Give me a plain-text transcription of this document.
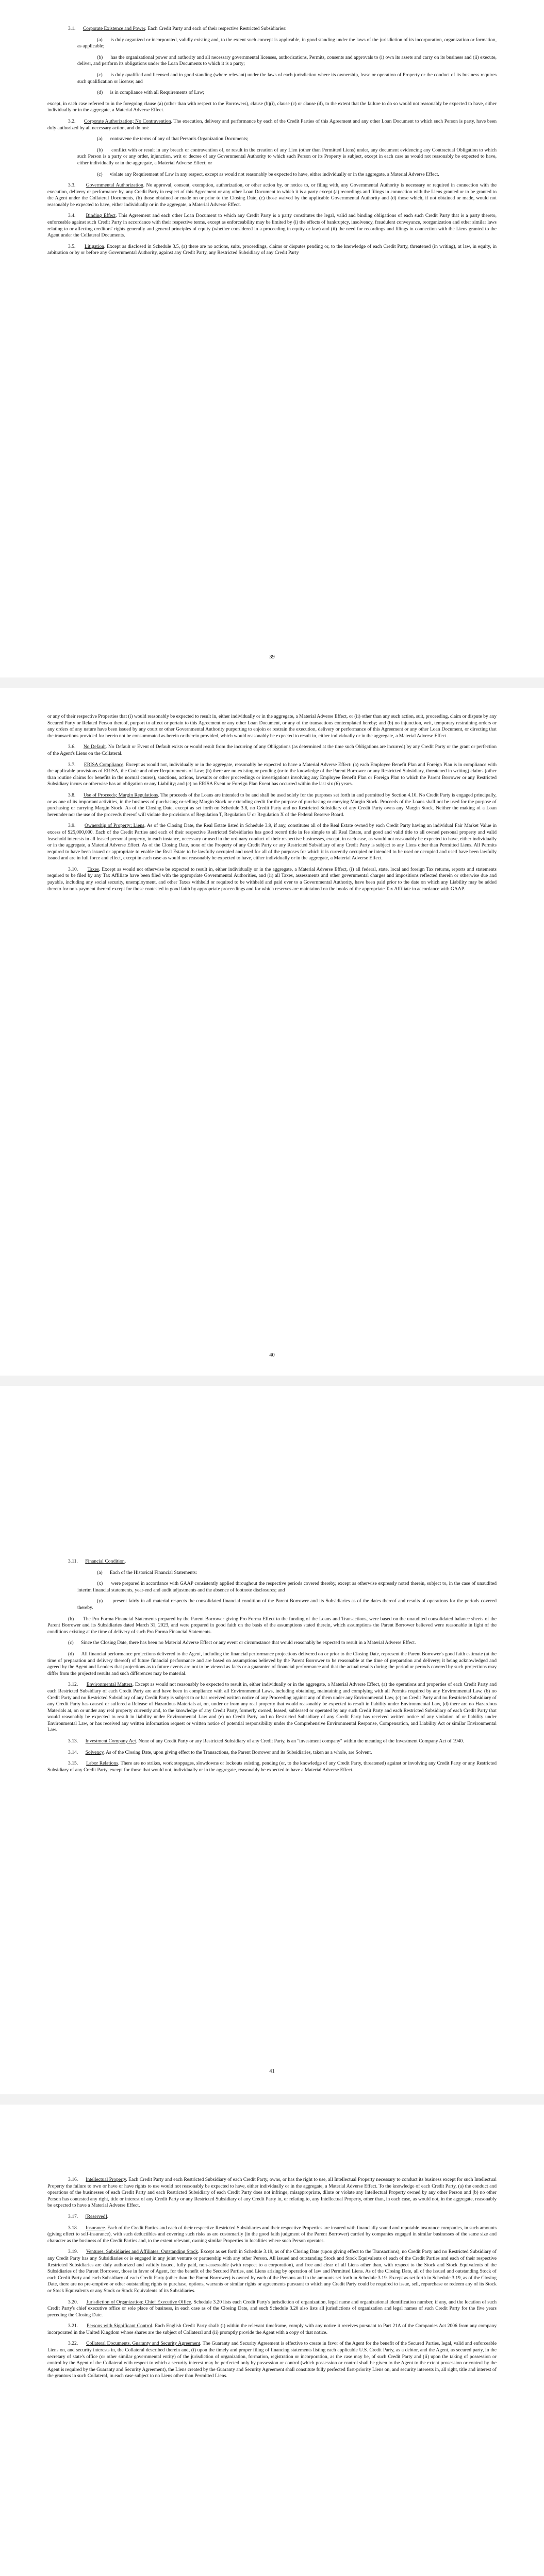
3.1. Corporate Existence and Power. Each Credit Party and each of their respective Restricted Subsidiaries:

(a) is duly organized or incorporated, validly existing and, to the extent such concept is applicable, in good standing under the laws of the jurisdiction of its incorporation, organization or formation, as applicable;

(b) has the organizational power and authority and all necessary governmental licenses, authorizations, Permits, consents and approvals to (i) own its assets and carry on its business and (ii) execute, deliver, and perform its obligations under the Loan Documents to which it is a party;

(c) is duly qualified and licensed and in good standing (where relevant) under the laws of each jurisdiction where its ownership, lease or operation of Property or the conduct of its business requires such qualification or license; and

(d) is in compliance with all Requirements of Law;

except, in each case referred to in the foregoing clause (a) (other than with respect to the Borrowers), clause (b)(i), clause (c) or clause (d), to the extent that the failure to do so would not reasonably be expected to have, either individually or in the aggregate, a Material Adverse Effect.

3.2. Corporate Authorization; No Contravention. The execution, delivery and performance by each of the Credit Parties of this Agreement and any other Loan Document to which such Person is party, have been duly authorized by all necessary action, and do not:

(a) contravene the terms of any of that Person's Organization Documents;

(b) conflict with or result in any breach or contravention of, or result in the creation of any Lien (other than Permitted Liens) under, any document evidencing any Contractual Obligation to which such Person is a party or any order, injunction, writ or decree of any Governmental Authority to which such Person or its Property is subject, except in each case as would not reasonably be expected to have, either individually or in the aggregate, a Material Adverse Effect; or

(c) violate any Requirement of Law in any respect, except as would not reasonably be expected to have, either individually or in the aggregate, a Material Adverse Effect.

3.3. Governmental Authorization. No approval, consent, exemption, authorization, or other action by, or notice to, or filing with, any Governmental Authority is necessary or required in connection with the execution, delivery or performance by, any Credit Party in respect of this Agreement or any other Loan Document to which it is a party except (a) recordings and filings in connection with the Liens granted or to be granted to the Agent under the Collateral Documents, (b) those obtained or made on or prior to the Closing Date, (c) those waived by the applicable Governmental Authority and (d) those which, if not obtained or made, would not reasonably be expected to have, either individually or in the aggregate, a Material Adverse Effect.

3.4. Binding Effect. This Agreement and each other Loan Document to which any Credit Party is a party constitutes the legal, valid and binding obligations of each such Credit Party that is a party thereto, enforceable against such Credit Party in accordance with their respective terms, except as enforceability may be limited by (i) the effects of bankruptcy, insolvency, fraudulent conveyance, reorganization and other similar laws relating to or affecting creditors' rights generally and general principles of equity (whether considered in a proceeding in equity or law) and (ii) the need for recordings and filings in connection with the Liens granted to the Agent under the Collateral Documents.

3.5. Litigation. Except as disclosed in Schedule 3.5, (a) there are no actions, suits, proceedings, claims or disputes pending or, to the knowledge of each Credit Party, threatened (in writing), at law, in equity, in arbitration or by or before any Governmental Authority, against any Credit Party, any Restricted Subsidiary of any Credit Party

39

or any of their respective Properties that (i) would reasonably be expected to result in, either individually or in the aggregate, a Material Adverse Effect, or (ii) other than any such action, suit, proceeding, claim or dispute by any Secured Party or Related Person thereof, purport to affect or pertain to this Agreement or any other Loan Document, or any of the transactions contemplated hereby; and (b) no injunction, writ, temporary restraining orders or any orders of any nature have been issued by any court or other Governmental Authority purporting to enjoin or restrain the execution, delivery or performance of this Agreement or any other Loan Document, or directing that the transactions provided for herein not be consummated as herein or therein provided, which would reasonably be expected to result in, either individually or in the aggregate, a Material Adverse Effect.

3.6. No Default. No Default or Event of Default exists or would result from the incurring of any Obligations (as determined at the time such Obligations are incurred) by any Credit Party or the grant or perfection of the Agent's Liens on the Collateral.

3.7. ERISA Compliance. Except as would not, individually or in the aggregate, reasonably be expected to have a Material Adverse Effect: (a) each Employee Benefit Plan and Foreign Plan is in compliance with the applicable provisions of ERISA, the Code and other Requirements of Law; (b) there are no existing or pending (or to the knowledge of the Parent Borrower or any Restricted Subsidiary, threatened in writing) claims (other than routine claims for benefits in the normal course), sanctions, actions, lawsuits or other proceedings or investigations involving any Employee Benefit Plan or Foreign Plan to which the Parent Borrower or any Restricted Subsidiary incurs or otherwise has an obligation or any Liability; and (c) no ERISA Event or Foreign Plan Event has occurred within the last six (6) years.

3.8. Use of Proceeds; Margin Regulations. The proceeds of the Loans are intended to be and shall be used solely for the purposes set forth in and permitted by Section 4.10. No Credit Party is engaged principally, or as one of its important activities, in the business of purchasing or selling Margin Stock or extending credit for the purpose of purchasing or carrying Margin Stock. Proceeds of the Loans shall not be used for the purpose of purchasing or carrying Margin Stock. As of the Closing Date, except as set forth on Schedule 3.8, no Credit Party and no Restricted Subsidiary of any Credit Party owns any Margin Stock. Neither the making of a Loan hereunder nor the use of the proceeds thereof will violate the provisions of Regulation T, Regulation U or Regulation X of the Federal Reserve Board.

3.9. Ownership of Property; Liens. As of the Closing Date, the Real Estate listed in Schedule 3.9, if any, constitutes all of the Real Estate owned by each Credit Party having an individual Fair Market Value in excess of $25,000,000. Each of the Credit Parties and each of their respective Restricted Subsidiaries has good record title in fee simple to all Real Estate, and good and valid title to all owned personal property and valid leasehold interests in all leased personal property, in each instance, necessary or used in the ordinary conduct of their respective businesses, except, in each case, as would not reasonably be expected to have, either individually or in the aggregate, a Material Adverse Effect. As of the Closing Date, none of the Property of any Credit Party or any Restricted Subsidiary of any Credit Party is subject to any Liens other than Permitted Liens. All Permits required to have been issued or appropriate to enable the Real Estate to be lawfully occupied and used for all of the purposes for which it is currently occupied or intended to be used or occupied and used have been lawfully issued and are in full force and effect, except in each case as would not reasonably be expected to have, either individually or in the aggregate, a Material Adverse Effect.

3.10. Taxes. Except as would not otherwise be expected to result in, either individually or in the aggregate, a Material Adverse Effect, (i) all federal, state, local and foreign Tax returns, reports and statements required to be filed by any Tax Affiliate have been filed with the appropriate Governmental Authorities, and (ii) all Taxes, assessments and other governmental charges and impositions reflected therein or otherwise due and payable, including any social security, unemployment, and other Taxes withheld or required to be withheld and paid over to a Governmental Authority, have been paid prior to the date on which any Liability may be added thereto for non-payment thereof except for those contested in good faith by appropriate proceedings and for which reserves are maintained on the books of the appropriate Tax Affiliate in accordance with GAAP.

40

3.11. Financial Condition.

(a) Each of the Historical Financial Statements:

(x) were prepared in accordance with GAAP consistently applied throughout the respective periods covered thereby, except as otherwise expressly noted therein, subject to, in the case of unaudited interim financial statements, year-end and audit adjustments and the absence of footnote disclosures; and

(y) present fairly in all material respects the consolidated financial condition of the Parent Borrower and its Subsidiaries as of the dates thereof and results of operations for the periods covered thereby.

(b) The Pro Forma Financial Statements prepared by the Parent Borrower giving Pro Forma Effect to the funding of the Loans and Transactions, were based on the unaudited consolidated balance sheets of the Parent Borrower and its Subsidiaries dated March 31, 2023, and were prepared in good faith on the basis of the assumptions stated therein, which assumptions the Parent Borrower believed were reasonable in light of the conditions existing at the time of delivery of such Pro Forma Financial Statements.

(c) Since the Closing Date, there has been no Material Adverse Effect or any event or circumstance that would reasonably be expected to result in a Material Adverse Effect.

(d) All financial performance projections delivered to the Agent, including the financial performance projections delivered on or prior to the Closing Date, represent the Parent Borrower's good faith estimate (at the time of preparation and delivery thereof) of future financial performance and are based on assumptions believed by the Parent Borrower to be reasonable at the time of preparation and delivery; it being acknowledged and agreed by the Agent and Lenders that projections as to future events are not to be viewed as facts or a guarantee of financial performance and that the actual results during the period or periods covered by such projections may differ from the projected results and such differences may be material.

3.12. Environmental Matters. Except as would not reasonably be expected to result in, either individually or in the aggregate, a Material Adverse Effect, (a) the operations and properties of each Credit Party and each Restricted Subsidiary of each Credit Party are and have been in compliance with all Environmental Laws, including obtaining, maintaining and complying with all Permits required by any Environmental Law, (b) no Credit Party and no Restricted Subsidiary of any Credit Party is subject to or has received written notice of any Proceeding against any of them under any Environmental Law, (c) no Credit Party and no Restricted Subsidiary of any Credit Party has caused or suffered a Release of Hazardous Materials at, on, under or from any real property that would reasonably be expected to result in liability under Environmental Law, (d) there are no Hazardous Materials at, on or under any real property currently and, to the knowledge of any Credit Party, formerly owned, leased, subleased or operated by any such Credit Party and each Restricted Subsidiary of each Credit Party that would reasonably be expected to result in liability under Environmental Law and (e) no Credit Party and no Restricted Subsidiary of any Credit Party has received written notice of any violation of or liability under Environmental Law, or has received any written information request or written notice of potential responsibility under the Comprehensive Environmental Response, Compensation, and Liability Act or similar Environmental Law.

3.13. Investment Company Act. None of any Credit Party or any Restricted Subsidiary of any Credit Party, is an "investment company" within the meaning of the Investment Company Act of 1940.

3.14. Solvency. As of the Closing Date, upon giving effect to the Transactions, the Parent Borrower and its Subsidiaries, taken as a whole, are Solvent.

3.15. Labor Relations. There are no strikes, work stoppages, slowdowns or lockouts existing, pending (or, to the knowledge of any Credit Party, threatened) against or involving any Credit Party or any Restricted Subsidiary of any Credit Party, except for those that would not, individually or in the aggregate, reasonably be expected to have a Material Adverse Effect.

41

3.16. Intellectual Property. Each Credit Party and each Restricted Subsidiary of each Credit Party, owns, or has the right to use, all Intellectual Property necessary to conduct its business except for such Intellectual Property the failure to own or have or have rights to use would not reasonably be expected to have, either individually or in the aggregate, a Material Adverse Effect. To the knowledge of each Credit Party, (a) the conduct and operations of the businesses of each Credit Party and each Restricted Subsidiary of each Credit Party does not infringe, misappropriate, dilute or violate any Intellectual Property owned by any other Person and (b) no other Person has contested any right, title or interest of any Credit Party or any Restricted Subsidiary of any Credit Party in, or relating to, any Intellectual Property, other than, in each case, as would not, in the aggregate, reasonably be expected to have a Material Adverse Effect.

3.17. [Reserved].

3.18. Insurance. Each of the Credit Parties and each of their respective Restricted Subsidiaries and their respective Properties are insured with financially sound and reputable insurance companies, in such amounts (giving effect to self-insurance), with such deductibles and covering such risks as are customarily (in the good faith judgment of the Parent Borrower) carried by companies engaged in similar businesses of the same size and character as the business of the Credit Parties and, to the extent relevant, owning similar Properties in localities where such Person operates.

3.19. Ventures, Subsidiaries and Affiliates; Outstanding Stock. Except as set forth in Schedule 3.19, as of the Closing Date (upon giving effect to the Transactions), no Credit Party and no Restricted Subsidiary of any Credit Party has any Subsidiaries or is engaged in any joint venture or partnership with any other Person. All issued and outstanding Stock and Stock Equivalents of each of the Credit Parties and each of their respective Restricted Subsidiaries are duly authorized and validly issued, fully paid, non-assessable (with respect to a corporation), and free and clear of all Liens other than, with respect to the Stock and Stock Equivalents of the Subsidiaries of the Parent Borrower, those in favor of Agent, for the benefit of the Secured Parties, and Liens arising by operation of law and Permitted Liens. As of the Closing Date, all of the issued and outstanding Stock of each Credit Party and each Subsidiary of each Credit Party (other than the Parent Borrower) is owned by each of the Persons and in the amounts set forth in Schedule 3.19. Except as set forth in Schedule 3.19, as of the Closing Date, there are no pre-emptive or other outstanding rights to purchase, options, warrants or similar rights or agreements pursuant to which any Credit Party could be required to issue, sell, repurchase or redeem any of its Stock or Stock Equivalents or any Stock or Stock Equivalents of its Subsidiaries.

3.20. Jurisdiction of Organization; Chief Executive Office. Schedule 3.20 lists each Credit Party's jurisdiction of organization, legal name and organizational identification number, if any, and the location of such Credit Party's chief executive office or sole place of business, in each case as of the Closing Date, and such Schedule 3.20 also lists all jurisdictions of organization and legal names of such Credit Party for the five years preceding the Closing Date.

3.21. Persons with Significant Control. Each English Credit Party shall: (i) within the relevant timeframe, comply with any notice it receives pursuant to Part 21A of the Companies Act 2006 from any company incorporated in the United Kingdom whose shares are the subject of Collateral and (ii) promptly provide the Agent with a copy of that notice.

3.22. Collateral Documents, Guaranty and Security Agreement. The Guaranty and Security Agreement is effective to create in favor of the Agent for the benefit of the Secured Parties, legal, valid and enforceable Liens on, and security interests in, the Collateral described therein and, (i) upon the timely and proper filing of financing statements listing each applicable U.S. Credit Party, as a debtor, and the Agent, as secured party, in the secretary of state's office (or other similar governmental entity) of the jurisdiction of organization, formation, registration or incorporation, as the case may be, of such Credit Party and (ii) upon the taking of possession or control by the Agent of the Collateral with respect to which a security interest may be perfected only by possession or control (which possession or control shall be given to the Agent to the extent possession or control by the Agent is required by the Guaranty and Security Agreement), the Liens created by the Guaranty and Security Agreement shall constitute fully perfected first-priority Liens on, and security interests in, all right, title and interest of the grantors in such Collateral, in each case subject to no Liens other than Permitted Liens.
